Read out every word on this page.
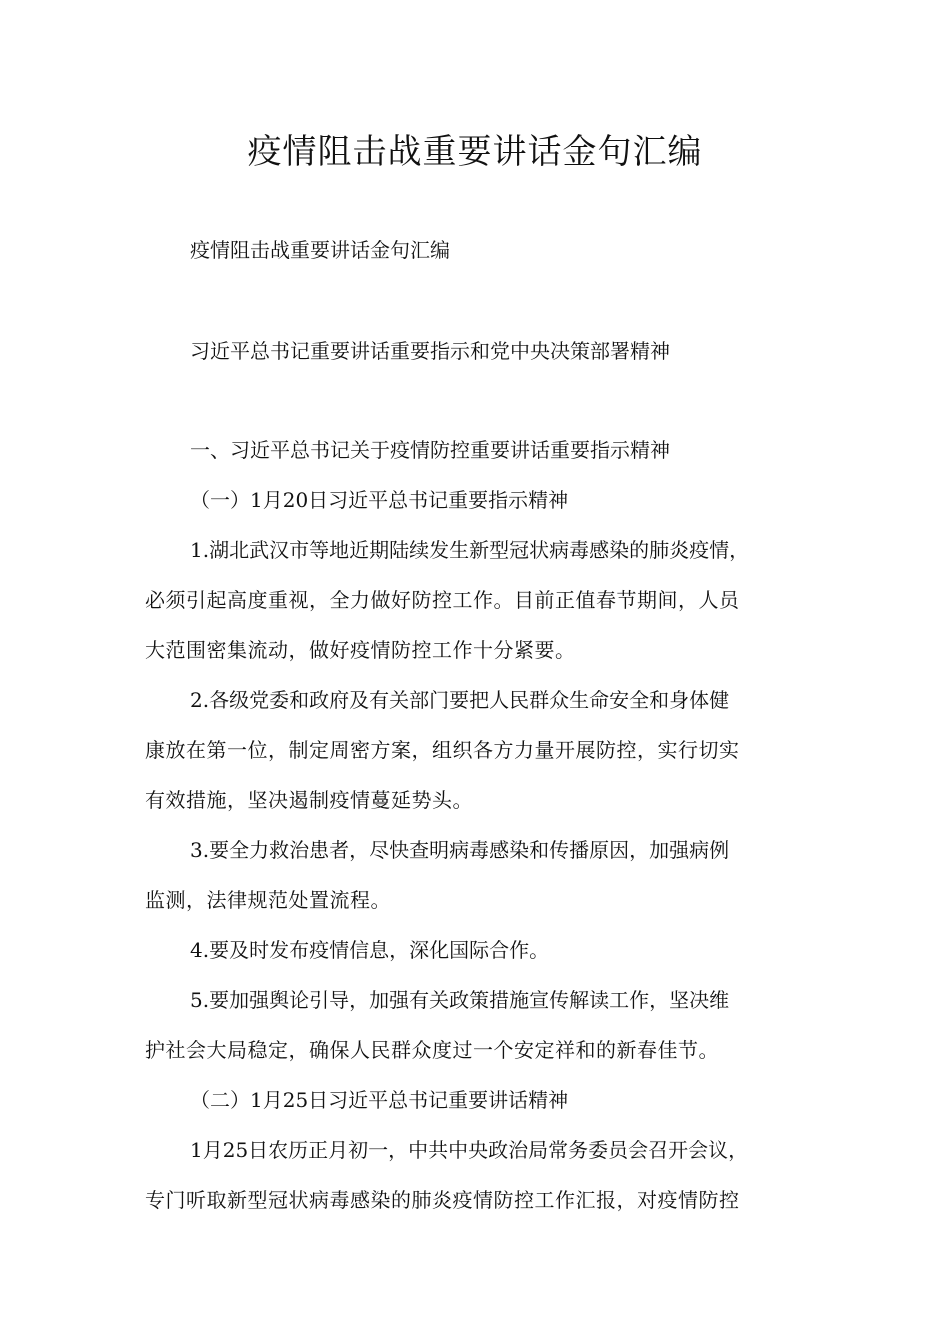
疫情阻击战重要讲话金句汇编

疫情阻击战重要讲话金句汇编

习近平总书记重要讲话重要指示和党中央决策部署精神

一、习近平总书记关于疫情防控重要讲话重要指示精神

（一）1月20日习近平总书记重要指示精神

1.湖北武汉市等地近期陆续发生新型冠状病毒感染的肺炎疫情，

必须引起高度重视，全力做好防控工作。目前正值春节期间，人员

大范围密集流动，做好疫情防控工作十分紧要。

2.各级党委和政府及有关部门要把人民群众生命安全和身体健

康放在第一位，制定周密方案，组织各方力量开展防控，实行切实

有效措施，坚决遏制疫情蔓延势头。

3.要全力救治患者，尽快查明病毒感染和传播原因，加强病例

监测，法律规范处置流程。

4.要及时发布疫情信息，深化国际合作。

5.要加强舆论引导，加强有关政策措施宣传解读工作，坚决维

护社会大局稳定，确保人民群众度过一个安定祥和的新春佳节。

（二）1月25日习近平总书记重要讲话精神

1月25日农历正月初一，中共中央政治局常务委员会召开会议，

专门听取新型冠状病毒感染的肺炎疫情防控工作汇报，对疫情防控
